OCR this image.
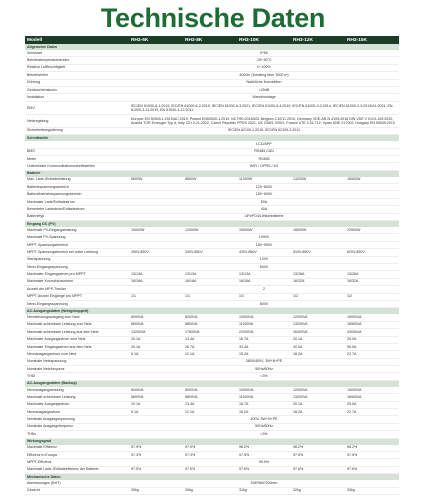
Technische Daten
Modell	RH3-6K	RH3-8K	RH3-10K	RH3-12K	RH3-15K
Allgemeine Daten					
Schutzart	IP65				
Betriebstemperaturbereich	-25~60°C				
Relative Luftfeuchtigkeit	0~100%				
Betriebshöhe	4000m (Derating über 3000 m)				
Kühlung	Natürliche Konvektion				
Geräuschemission	<25dB				
Installation	Wandmontage				
EMV	IEC/EN 61000-6-1:2019, IEC/EN 61000-6-2:2019, IEC/EN 61000-6-3:2021, IEC/EN 61000-6-4:2019, IEC/EN 61000-3-2:2014, IEC/EN 61000-3-3:2013/A1:2021, EN 61000-3-11:2019, EN 61000-3-12:2011				
Netzregelung	Europa: EN 50549-1:2019/AC:2019, Poland EN50549-1:2019, NC RfG:2016/631 Belgium C10/11 2019, Germany VDE-AR-N 4105:2018 DIN VDE V 0124-100:2020, Austria TOR Erzeuger Typ A, Italy CEI 0-21:2022, Czech Republic PPDS 2021, UK G98/1 G99/1, France UTE C15-712, Spain UNE 217002, Hungary EN 50549:2019				
Sicherheitsregulierung	IEC/EN 62109-1:2010, IEC/EN 62109-2:2011				
Schnittstelle					
	LCD/APP				
BMS	RS485,CAN				
Meter	RS485				
Unterstützte Kommunikationsschnittstellen	WIFI / GPRS / 4G				
Batterie					
Max. Lade-/Entladeleistung	6600W	8800W	11000W	13200W	16500W
Batteriespannungsbereich	125~600V				
Batteriebetriebsspannungsbereich	150~600V				
Maximaler Lade/Entladestrom	50A				
Bewerteter Ladestrom/Entladestrom	40A				
Batterietyp	LiFePO4/Lithiumbatterie				
Eingang DC (PV)					
Maximale PV-Eingangsleistung	10000W	12000W	15000W	18000W	22500W
Maximale PV-Spannung	1000V				
MPPT-Spannungsbereich	180~950V				
MPPT-Spannungsbereich bei voller Leistung	250V-850V	330V-850V	430V-850V	510V-850V	620V-850V
Startspannung	120V				
Nenn-Eingangsspannung	600V				
Maximaler Eingangsstrom pro MPPT	13/13A	13/13A	13/13A	13/26A	13/26A
Maximaler Kurzschlussstrom	16/16A	16/16A	16/16A	16/32A	16/32A
Anzahl der MPP-Tracker	2				
MPPT Anzahl Eingänge pro MPPT	1/1	1/1	1/1	1/2	1/2
Nenn-Eingangsspannung	600V				
AC-Ausgangsdaten (Netzgekoppelt)					
Nennleistungsausgang zum Netz	6000VA	8000VA	10000VA	12000VA	15000VA
Maximale scheinbare Leistung zum Netz	6600VA	8800VA	11000VA	13200VA	16500VA
Maximale scheinbare Leistung aus dem Netz	13200VA	17600VA	22000VA	26400VA	33000VA
Maximaler Ausgangsstrom zum Netz	10.1A	13.4A	16.7A	20.1A	25.0A
Maximaler Eingangsstrom aus dem Netz	20.1A	26.7A	33.4A	40.0A	50.0A
Nennausgangsstrom zum Netz	9.1A	12.1A	15.2A	18.2A	22.7A
Nominale Netzspannung	380V/400V, 3W+N+PE				
Nominale Netzfrequenz	50Hz/60Hz				
THDi	<3%				
AC-Ausgangsdaten (Backup)					
Nennausgangsleistung	6000VA	8000VA	10000VA	12000VA	15000VA
Maximale scheinbare Leistung	6600VA	8800VA	11000VA	13200VA	16500VA
Maximaler Ausgangsstrom	10.1A	13.4A	16.7A	20.1A	25.0A
Nennausgangsstrom	9.1A	12.1A	15.2A	18.2A	22.7A
Nominale Ausgangsspannung	400V, 3W+N+PE				
Nominale Ausgangsfrequenz	50Hz/60Hz				
THDv	<3%				
Wirkungsgrad					
Maximale Effizienz	97.9%	97.9%	98.2%	98.2%	98.2%
Effizienz in Europa	97.3%	97.3%	97.5%	97.5%	97.5%
MPPT-Effizienz	99.9%				
Maximale Lade-/Entladeeffizienz der Batterie	97.5%	97.5%	97.6%	97.6%	97.6%
Mechanische Daten					
Abmessungen (BHT)	538*560*200mm				
Gewicht	30kg	30kg	31kg	32kg	33kg
